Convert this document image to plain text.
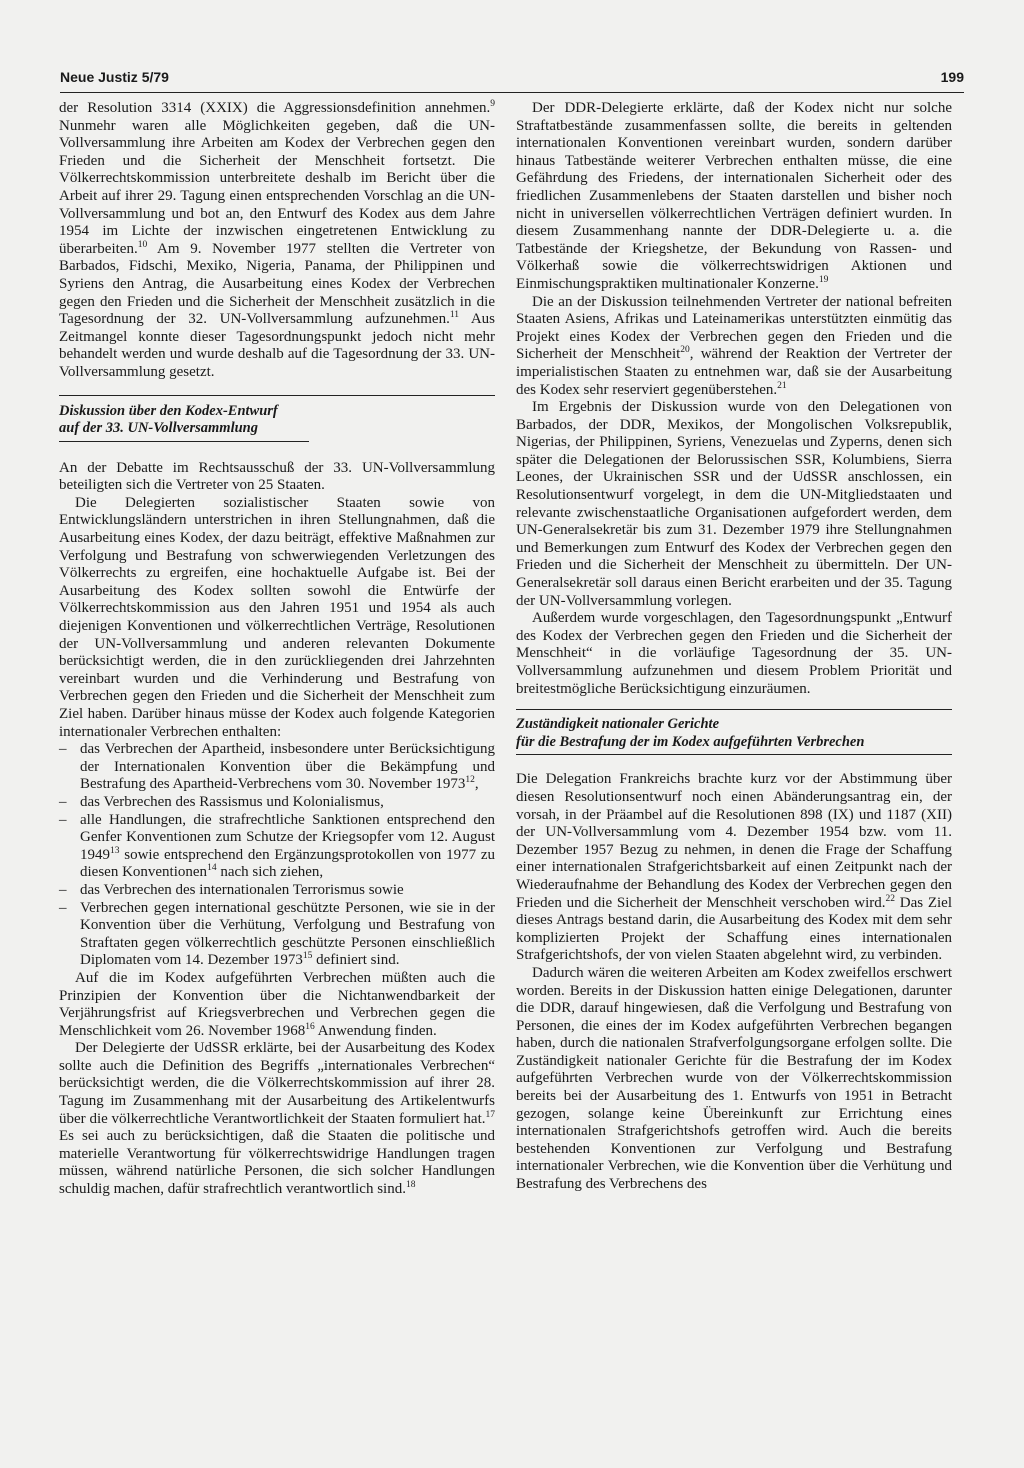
Neue Justiz 5/79	199

der Resolution 3314 (XXIX) die Aggressionsdefinition annehmen.$^9$ Nunmehr waren alle Möglichkeiten gegeben, daß die UN-Vollversammlung ihre Arbeiten am Kodex der Verbrechen gegen den Frieden und die Sicherheit der Menschheit fortsetzt. Die Völkerrechtskommission unterbreitete deshalb im Bericht über die Arbeit auf ihrer 29. Tagung einen entsprechenden Vorschlag an die UN-Vollversammlung und bot an, den Entwurf des Kodex aus dem Jahre 1954 im Lichte der inzwischen eingetretenen Entwicklung zu überarbeiten.$^{10}$ Am 9. November 1977 stellten die Vertreter von Barbados, Fidschi, Mexiko, Nigeria, Panama, der Philippinen und Syriens den Antrag, die Ausarbeitung eines Kodex der Verbrechen gegen den Frieden und die Sicherheit der Menschheit zusätzlich in die Tagesordnung der 32. UN-Vollversammlung aufzunehmen.$^{11}$ Aus Zeitmangel konnte dieser Tagesordnungspunkt jedoch nicht mehr behandelt werden und wurde deshalb auf die Tagesordnung der 33. UN-Vollversammlung gesetzt.

Diskussion über den Kodex-Entwurf
auf der 33. UN-Vollversammlung

An der Debatte im Rechtsausschuß der 33. UN-Vollversammlung beteiligten sich die Vertreter von 25 Staaten.

Die Delegierten sozialistischer Staaten sowie von Entwicklungsländern unterstrichen in ihren Stellungnahmen, daß die Ausarbeitung eines Kodex, der dazu beiträgt, effektive Maßnahmen zur Verfolgung und Bestrafung von schwerwiegenden Verletzungen des Völkerrechts zu ergreifen, eine hochaktuelle Aufgabe ist. Bei der Ausarbeitung des Kodex sollten sowohl die Entwürfe der Völkerrechtskommission aus den Jahren 1951 und 1954 als auch diejenigen Konventionen und völkerrechtlichen Verträge, Resolutionen der UN-Vollversammlung und anderen relevanten Dokumente berücksichtigt werden, die in den zurückliegenden drei Jahrzehnten vereinbart wurden und die Verhinderung und Bestrafung von Verbrechen gegen den Frieden und die Sicherheit der Menschheit zum Ziel haben. Darüber hinaus müsse der Kodex auch folgende Kategorien internationaler Verbrechen enthalten:

– das Verbrechen der Apartheid, insbesondere unter Berücksichtigung der Internationalen Konvention über die Bekämpfung und Bestrafung des Apartheid-Verbrechens vom 30. November 1973$^{12}$,
– das Verbrechen des Rassismus und Kolonialismus,
– alle Handlungen, die strafrechtliche Sanktionen entsprechend den Genfer Konventionen zum Schutze der Kriegsopfer vom 12. August 1949$^{13}$ sowie entsprechend den Ergänzungsprotokollen von 1977 zu diesen Konventionen$^{14}$ nach sich ziehen,
– das Verbrechen des internationalen Terrorismus sowie
– Verbrechen gegen international geschützte Personen, wie sie in der Konvention über die Verhütung, Verfolgung und Bestrafung von Straftaten gegen völkerrechtlich geschützte Personen einschließlich Diplomaten vom 14. Dezember 1973$^{15}$ definiert sind.

Auf die im Kodex aufgeführten Verbrechen müßten auch die Prinzipien der Konvention über die Nichtanwendbarkeit der Verjährungsfrist auf Kriegsverbrechen und Verbrechen gegen die Menschlichkeit vom 26. November 1968$^{16}$ Anwendung finden.

Der Delegierte der UdSSR erklärte, bei der Ausarbeitung des Kodex sollte auch die Definition des Begriffs „internationales Verbrechen“ berücksichtigt werden, die die Völkerrechtskommission auf ihrer 28. Tagung im Zusammenhang mit der Ausarbeitung des Artikelentwurfs über die völkerrechtliche Verantwortlichkeit der Staaten formuliert hat.$^{17}$ Es sei auch zu berücksichtigen, daß die Staaten die politische und materielle Verantwortung für völkerrechtswidrige Handlungen tragen müssen, während natürliche Personen, die sich solcher Handlungen schuldig machen, dafür strafrechtlich verantwortlich sind.$^{18}$

Der DDR-Delegierte erklärte, daß der Kodex nicht nur solche Straftatbestände zusammenfassen sollte, die bereits in geltenden internationalen Konventionen vereinbart wurden, sondern darüber hinaus Tatbestände weiterer Verbrechen enthalten müsse, die eine Gefährdung des Friedens, der internationalen Sicherheit oder des friedlichen Zusammenlebens der Staaten darstellen und bisher noch nicht in universellen völkerrechtlichen Verträgen definiert wurden. In diesem Zusammenhang nannte der DDR-Delegierte u. a. die Tatbestände der Kriegshetze, der Bekundung von Rassen- und Völkerhaß sowie die völkerrechtswidrigen Aktionen und Einmischungspraktiken multinationaler Konzerne.$^{19}$

Die an der Diskussion teilnehmenden Vertreter der national befreiten Staaten Asiens, Afrikas und Lateinamerikas unterstützten einmütig das Projekt eines Kodex der Verbrechen gegen den Frieden und die Sicherheit der Menschheit$^{20}$, während der Reaktion der Vertreter der imperialistischen Staaten zu entnehmen war, daß sie der Ausarbeitung des Kodex sehr reserviert gegenüberstehen.$^{21}$

Im Ergebnis der Diskussion wurde von den Delegationen von Barbados, der DDR, Mexikos, der Mongolischen Volksrepublik, Nigerias, der Philippinen, Syriens, Venezuelas und Zyperns, denen sich später die Delegationen der Belorussischen SSR, Kolumbiens, Sierra Leones, der Ukrainischen SSR und der UdSSR anschlossen, ein Resolutionsentwurf vorgelegt, in dem die UN-Mitgliedstaaten und relevante zwischenstaatliche Organisationen aufgefordert werden, dem UN-Generalsekretär bis zum 31. Dezember 1979 ihre Stellungnahmen und Bemerkungen zum Entwurf des Kodex der Verbrechen gegen den Frieden und die Sicherheit der Menschheit zu übermitteln. Der UN-Generalsekretär soll daraus einen Bericht erarbeiten und der 35. Tagung der UN-Vollversammlung vorlegen.

Außerdem wurde vorgeschlagen, den Tagesordnungspunkt „Entwurf des Kodex der Verbrechen gegen den Frieden und die Sicherheit der Menschheit“ in die vorläufige Tagesordnung der 35. UN-Vollversammlung aufzunehmen und diesem Problem Priorität und breitestmögliche Berücksichtigung einzuräumen.

Zuständigkeit nationaler Gerichte
für die Bestrafung der im Kodex aufgeführten Verbrechen

Die Delegation Frankreichs brachte kurz vor der Abstimmung über diesen Resolutionsentwurf noch einen Abänderungsantrag ein, der vorsah, in der Präambel auf die Resolutionen 898 (IX) und 1187 (XII) der UN-Vollversammlung vom 4. Dezember 1954 bzw. vom 11. Dezember 1957 Bezug zu nehmen, in denen die Frage der Schaffung einer internationalen Strafgerichtsbarkeit auf einen Zeitpunkt nach der Wiederaufnahme der Behandlung des Kodex der Verbrechen gegen den Frieden und die Sicherheit der Menschheit verschoben wird.$^{22}$ Das Ziel dieses Antrags bestand darin, die Ausarbeitung des Kodex mit dem sehr komplizierten Projekt der Schaffung eines internationalen Strafgerichtshofs, der von vielen Staaten abgelehnt wird, zu verbinden.

Dadurch wären die weiteren Arbeiten am Kodex zweifellos erschwert worden. Bereits in der Diskussion hatten einige Delegationen, darunter die DDR, darauf hingewiesen, daß die Verfolgung und Bestrafung von Personen, die eines der im Kodex aufgeführten Verbrechen begangen haben, durch die nationalen Strafverfolgungsorgane erfolgen sollte. Die Zuständigkeit nationaler Gerichte für die Bestrafung der im Kodex aufgeführten Verbrechen wurde von der Völkerrechtskommission bereits bei der Ausarbeitung des 1. Entwurfs von 1951 in Betracht gezogen, solange keine Übereinkunft zur Errichtung eines internationalen Strafgerichtshofs getroffen wird. Auch die bereits bestehenden Konventionen zur Verfolgung und Bestrafung internationaler Verbrechen, wie die Konvention über die Verhütung und Bestrafung des Verbrechens des
